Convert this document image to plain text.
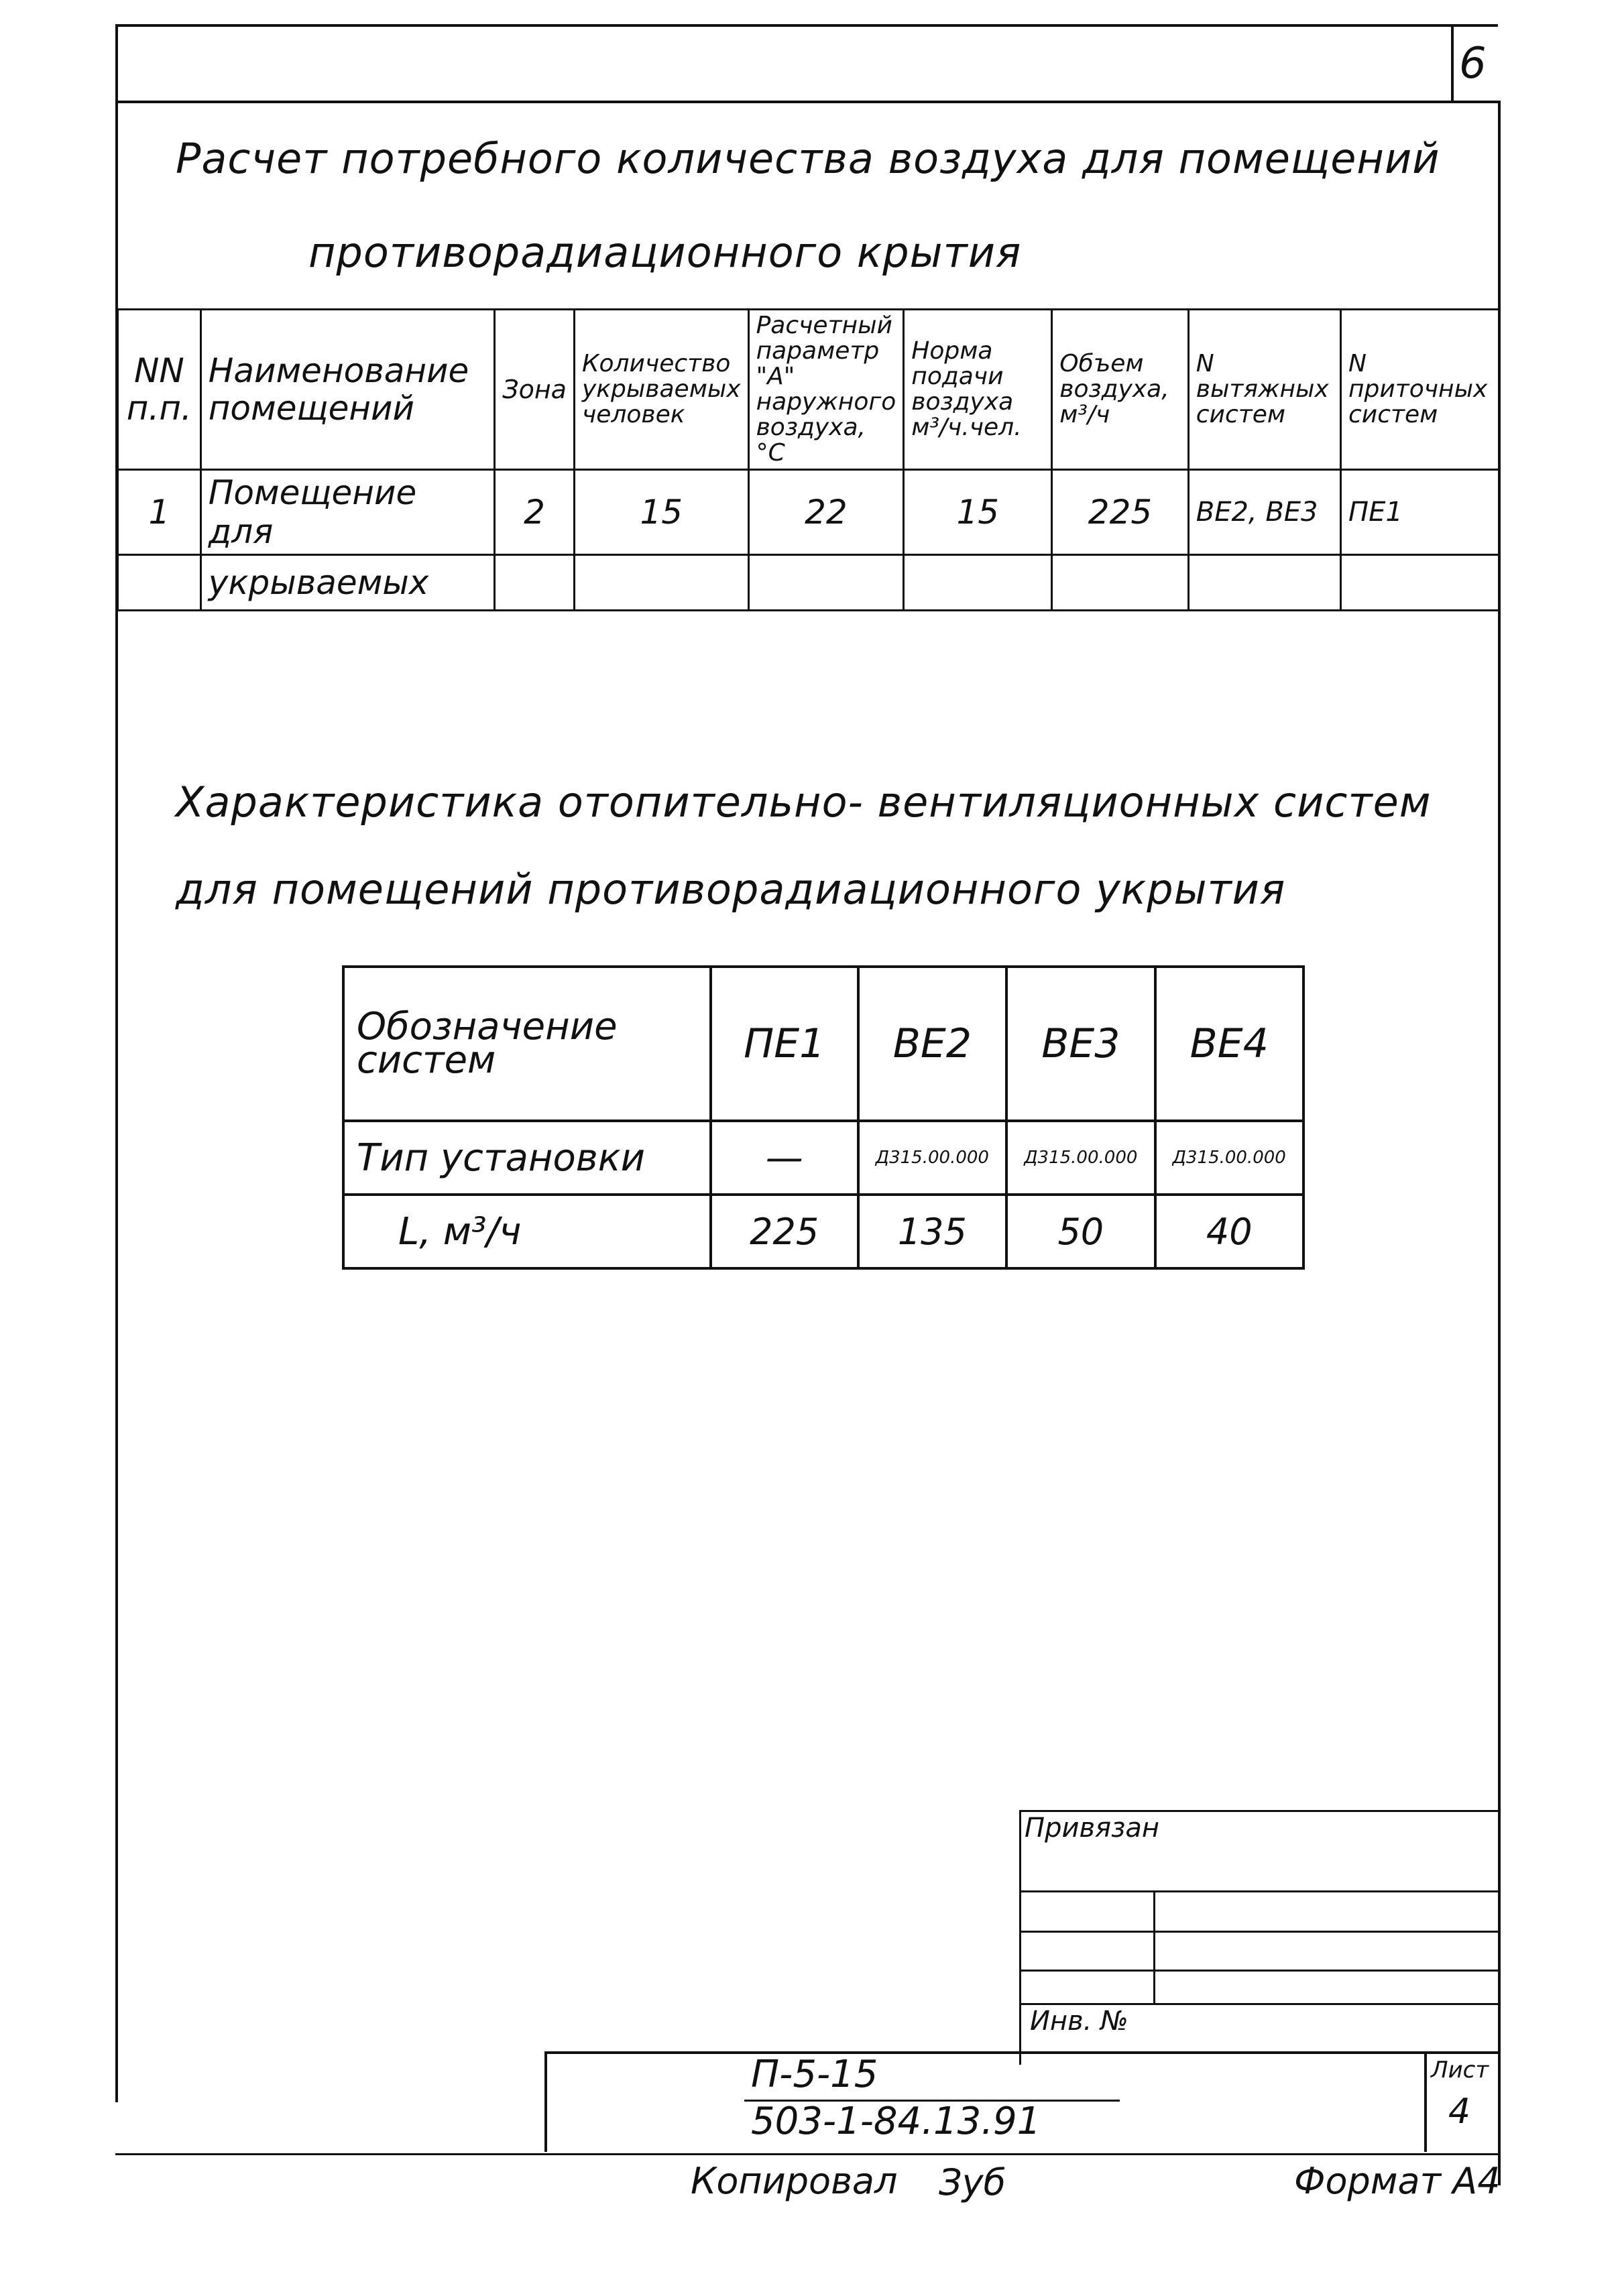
6
Расчет потребного количества воздуха для помещений
противорадиационного крытия
NN п.п.	Наименование помещений	Зона	Количество укрываемых человек	Расчетный параметр "А" наружного воздуха, °С	Норма подачи воздуха м³/ч.чел.	Объем воздуха, м³/ч	N вытяжных систем	N приточных систем
1	Помещение для	2	15	22	15	225	ВЕ2, ВЕ3	ПЕ1
	укрываемых							
Характеристика отопительно- вентиляционных систем
для помещений противорадиационного укрытия
Обозначение систем	ПЕ1	ВЕ2	ВЕ3	ВЕ4
Тип установки	—	Д315.00.000	Д315.00.000	Д315.00.000
L, м³/ч	225	135	50	40
Привязан
Инв. №
П-5-15
503-1-84.13.91
Лист
4
Копировал Зуб	Формат А4
